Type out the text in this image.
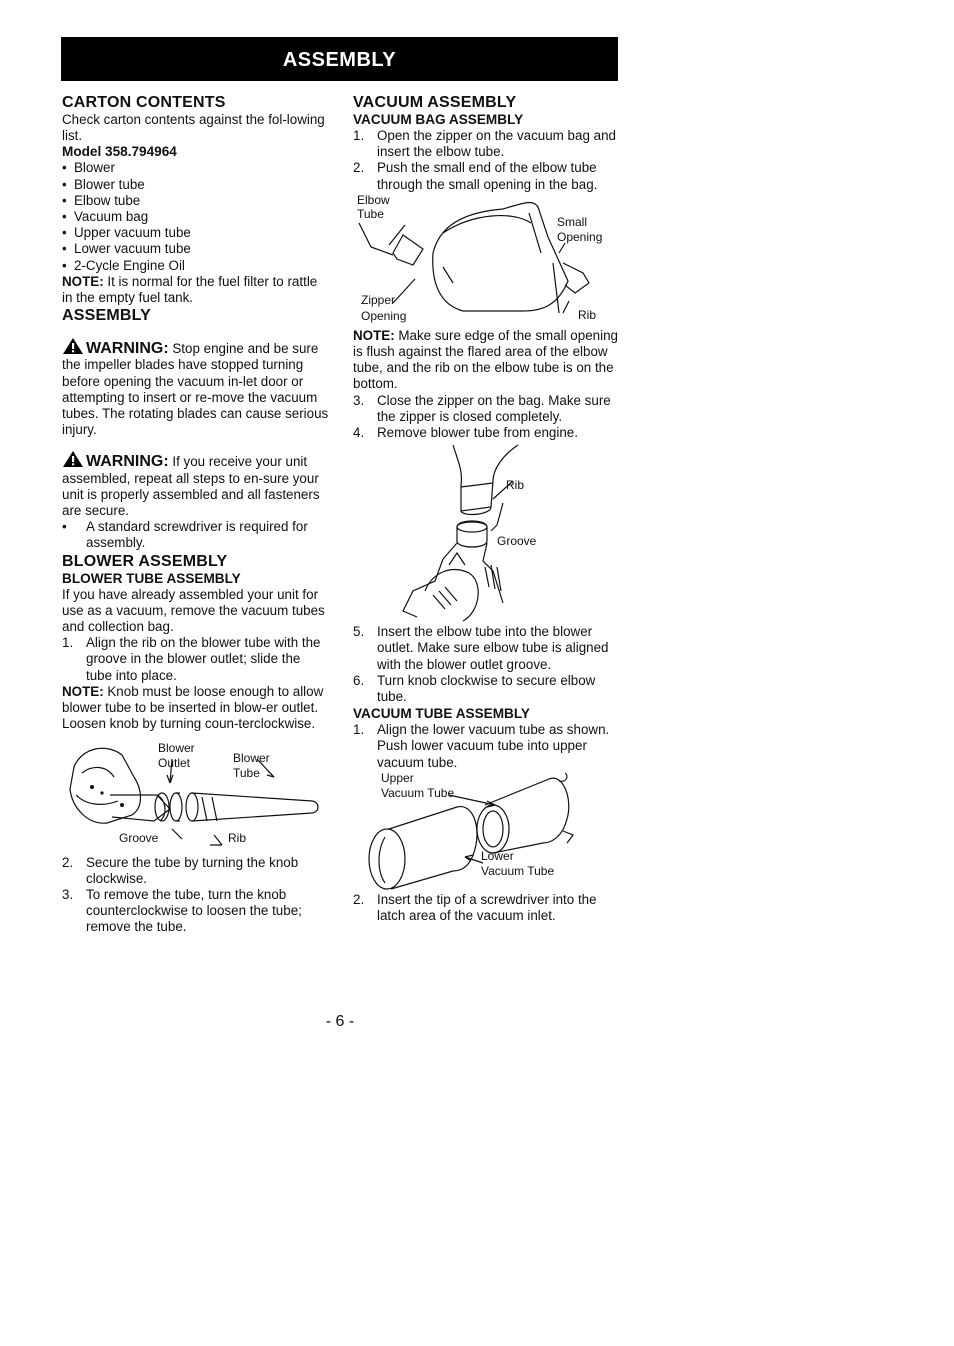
ASSEMBLY
CARTON CONTENTS

Check carton contents against the fol-lowing list.

Model 358.794964
• Blower
• Blower tube
• Elbow tube
• Vacuum bag
• Upper vacuum tube
• Lower vacuum tube
• 2-Cycle Engine Oil

NOTE: It is normal for the fuel filter to rattle in the empty fuel tank.

ASSEMBLY

WARNING: Stop engine and be sure the impeller blades have stopped turning before opening the vacuum in-let door or attempting to insert or re-move the vacuum tubes. The rotating blades can cause serious injury.

WARNING: If you receive your unit assembled, repeat all steps to en-sure your unit is properly assembled and all fasteners are secure.

• A standard screwdriver is required for assembly.
BLOWER ASSEMBLY
BLOWER TUBE ASSEMBLY

If you have already assembled your unit for use as a vacuum, remove the vacuum tubes and collection bag.

1. Align the rib on the blower tube with the groove in the blower outlet; slide the tube into place.

NOTE: Knob must be loose enough to allow blower tube to be inserted in blow-er outlet. Loosen knob by turning coun-terclockwise.

Blower
Outlet	Blower
Tube
Groove	Rib
2. Secure the tube by turning the knob clockwise.
3. To remove the tube, turn the knob counterclockwise to loosen the tube; remove the tube.
VACUUM ASSEMBLY
VACUUM BAG ASSEMBLY
1. Open the zipper on the vacuum bag and insert the elbow tube.
2. Push the small end of the elbow tube through the small opening in the bag.
Elbow
Tube
Small
Opening
Zipper
Opening	Rib

NOTE: Make sure edge of the small opening is flush against the flared area of the elbow tube, and the rib on the elbow tube is on the bottom.

3. Close the zipper on the bag. Make sure the zipper is closed completely.
4. Remove blower tube from engine.
Rib
Groove
5. Insert the elbow tube into the blower outlet. Make sure elbow tube is aligned with the blower outlet groove.
6. Turn knob clockwise to secure elbow tube.
VACUUM TUBE ASSEMBLY
1. Align the lower vacuum tube as shown. Push lower vacuum tube into upper vacuum tube.
Upper
Vacuum Tube
Lower
Vacuum Tube
2. Insert the tip of a screwdriver into the latch area of the vacuum inlet.
- 6 -
